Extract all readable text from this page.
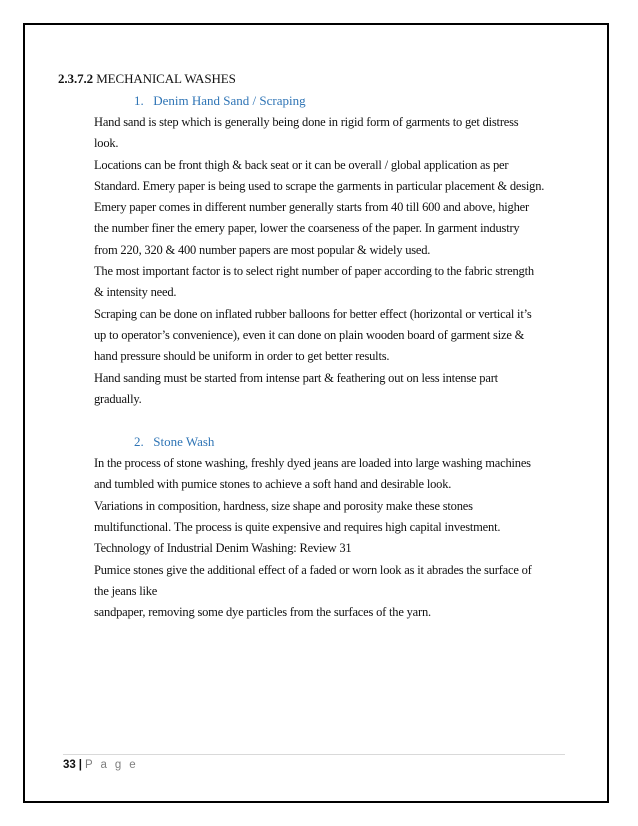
2.3.7.2 MECHANICAL WASHES
1. Denim Hand Sand / Scraping
Hand sand is step which is generally being done in rigid form of garments to get distress
look.
Locations can be front thigh & back seat or it can be overall / global application as per
Standard. Emery paper is being used to scrape the garments in particular placement & design.
Emery paper comes in different number generally starts from 40 till 600 and above, higher
the number finer the emery paper, lower the coarseness of the paper. In garment industry
from 220, 320 & 400 number papers are most popular & widely used.
The most important factor is to select right number of paper according to the fabric strength
& intensity need.
Scraping can be done on inflated rubber balloons for better effect (horizontal or vertical it’s
up to operator’s convenience), even it can done on plain wooden board of garment size &
hand pressure should be uniform in order to get better results.
Hand sanding must be started from intense part & feathering out on less intense part
gradually.
2. Stone Wash
In the process of stone washing, freshly dyed jeans are loaded into large washing machines
and tumbled with pumice stones to achieve a soft hand and desirable look.
Variations in composition, hardness, size shape and porosity make these stones
multifunctional. The process is quite expensive and requires high capital investment.
Technology of Industrial Denim Washing: Review 31
Pumice stones give the additional effect of a faded or worn look as it abrades the surface of
the jeans like
sandpaper, removing some dye particles from the surfaces of the yarn.
33 | P a g e
